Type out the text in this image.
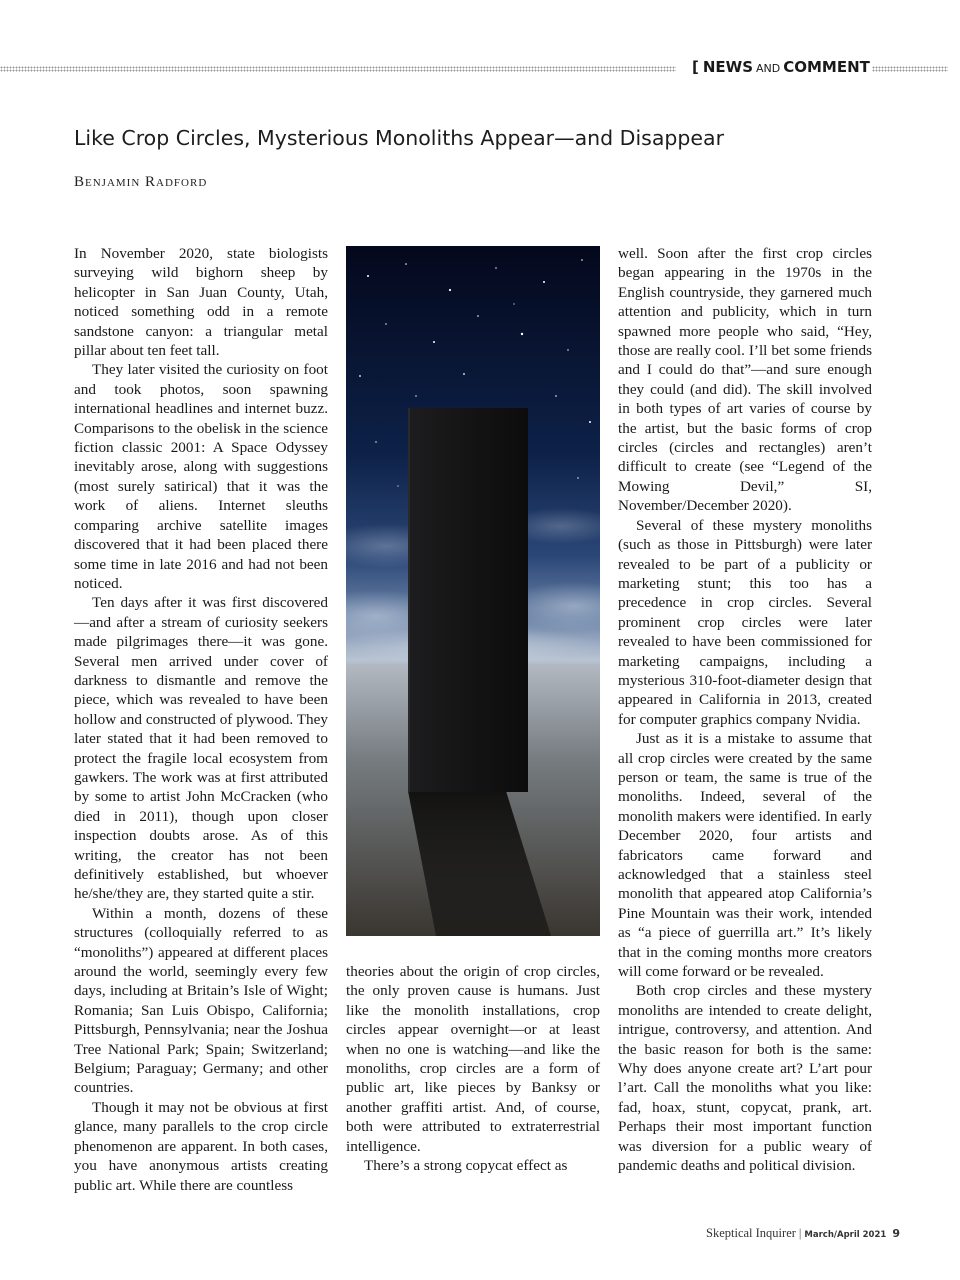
[ NEWS AND COMMENT
Like Crop Circles, Mysterious Monoliths Appear—and Disappear
Benjamin Radford

In November 2020, state biologists surveying wild bighorn sheep by helicopter in San Juan County, Utah, noticed something odd in a remote sandstone canyon: a triangular metal pillar about ten feet tall.

They later visited the curiosity on foot and took photos, soon spawning international headlines and internet buzz. Comparisons to the obelisk in the science fiction classic 2001: A Space Odyssey inevitably arose, along with suggestions (most surely satirical) that it was the work of aliens. Internet sleuths comparing archive satellite images discovered that it had been placed there some time in late 2016 and had not been noticed.

Ten days after it was first discovered—and after a stream of curiosity seekers made pilgrimages there—it was gone. Several men arrived under cover of darkness to dismantle and remove the piece, which was revealed to have been hollow and constructed of plywood. They later stated that it had been removed to protect the fragile local ecosystem from gawkers. The work was at first attributed by some to artist John McCracken (who died in 2011), though upon closer inspection doubts arose. As of this writing, the creator has not been definitively established, but whoever he/she/they are, they started quite a stir.

Within a month, dozens of these structures (colloquially referred to as “monoliths”) appeared at different places around the world, seemingly every few days, including at Britain’s Isle of Wight; Romania; San Luis Obispo, California; Pittsburgh, Pennsylvania; near the Joshua Tree National Park; Spain; Switzerland; Belgium; Paraguay; Germany; and other countries.

Though it may not be obvious at first glance, many parallels to the crop circle phenomenon are apparent. In both cases, you have anonymous artists creating public art. While there are countless

theories about the origin of crop circles, the only proven cause is humans. Just like the monolith installations, crop circles appear overnight—or at least when no one is watching—and like the monoliths, crop circles are a form of public art, like pieces by Banksy or another graffiti artist. And, of course, both were attributed to extraterrestrial intelligence.

There’s a strong copycat effect as

well. Soon after the first crop circles began appearing in the 1970s in the English countryside, they garnered much attention and publicity, which in turn spawned more people who said, “Hey, those are really cool. I’ll bet some friends and I could do that”—and sure enough they could (and did). The skill involved in both types of art varies of course by the artist, but the basic forms of crop circles (circles and rectangles) aren’t difficult to create (see “Legend of the Mowing Devil,” SI, November/December 2020).

Several of these mystery monoliths (such as those in Pittsburgh) were later revealed to be part of a publicity or marketing stunt; this too has a precedence in crop circles. Several prominent crop circles were later revealed to have been commissioned for marketing campaigns, including a mysterious 310-foot-diameter design that appeared in California in 2013, created for computer graphics company Nvidia.

Just as it is a mistake to assume that all crop circles were created by the same person or team, the same is true of the monoliths. Indeed, several of the monolith makers were identified. In early December 2020, four artists and fabricators came forward and acknowledged that a stainless steel monolith that appeared atop California’s Pine Mountain was their work, intended as “a piece of guerrilla art.” It’s likely that in the coming months more creators will come forward or be revealed.

Both crop circles and these mystery monoliths are intended to create delight, intrigue, controversy, and attention. And the basic reason for both is the same: Why does anyone create art? L’art pour l’art. Call the monoliths what you like: fad, hoax, stunt, copycat, prank, art. Perhaps their most important function was diversion for a public weary of pandemic deaths and political division.

Skeptical Inquirer | March/April 2021 9
